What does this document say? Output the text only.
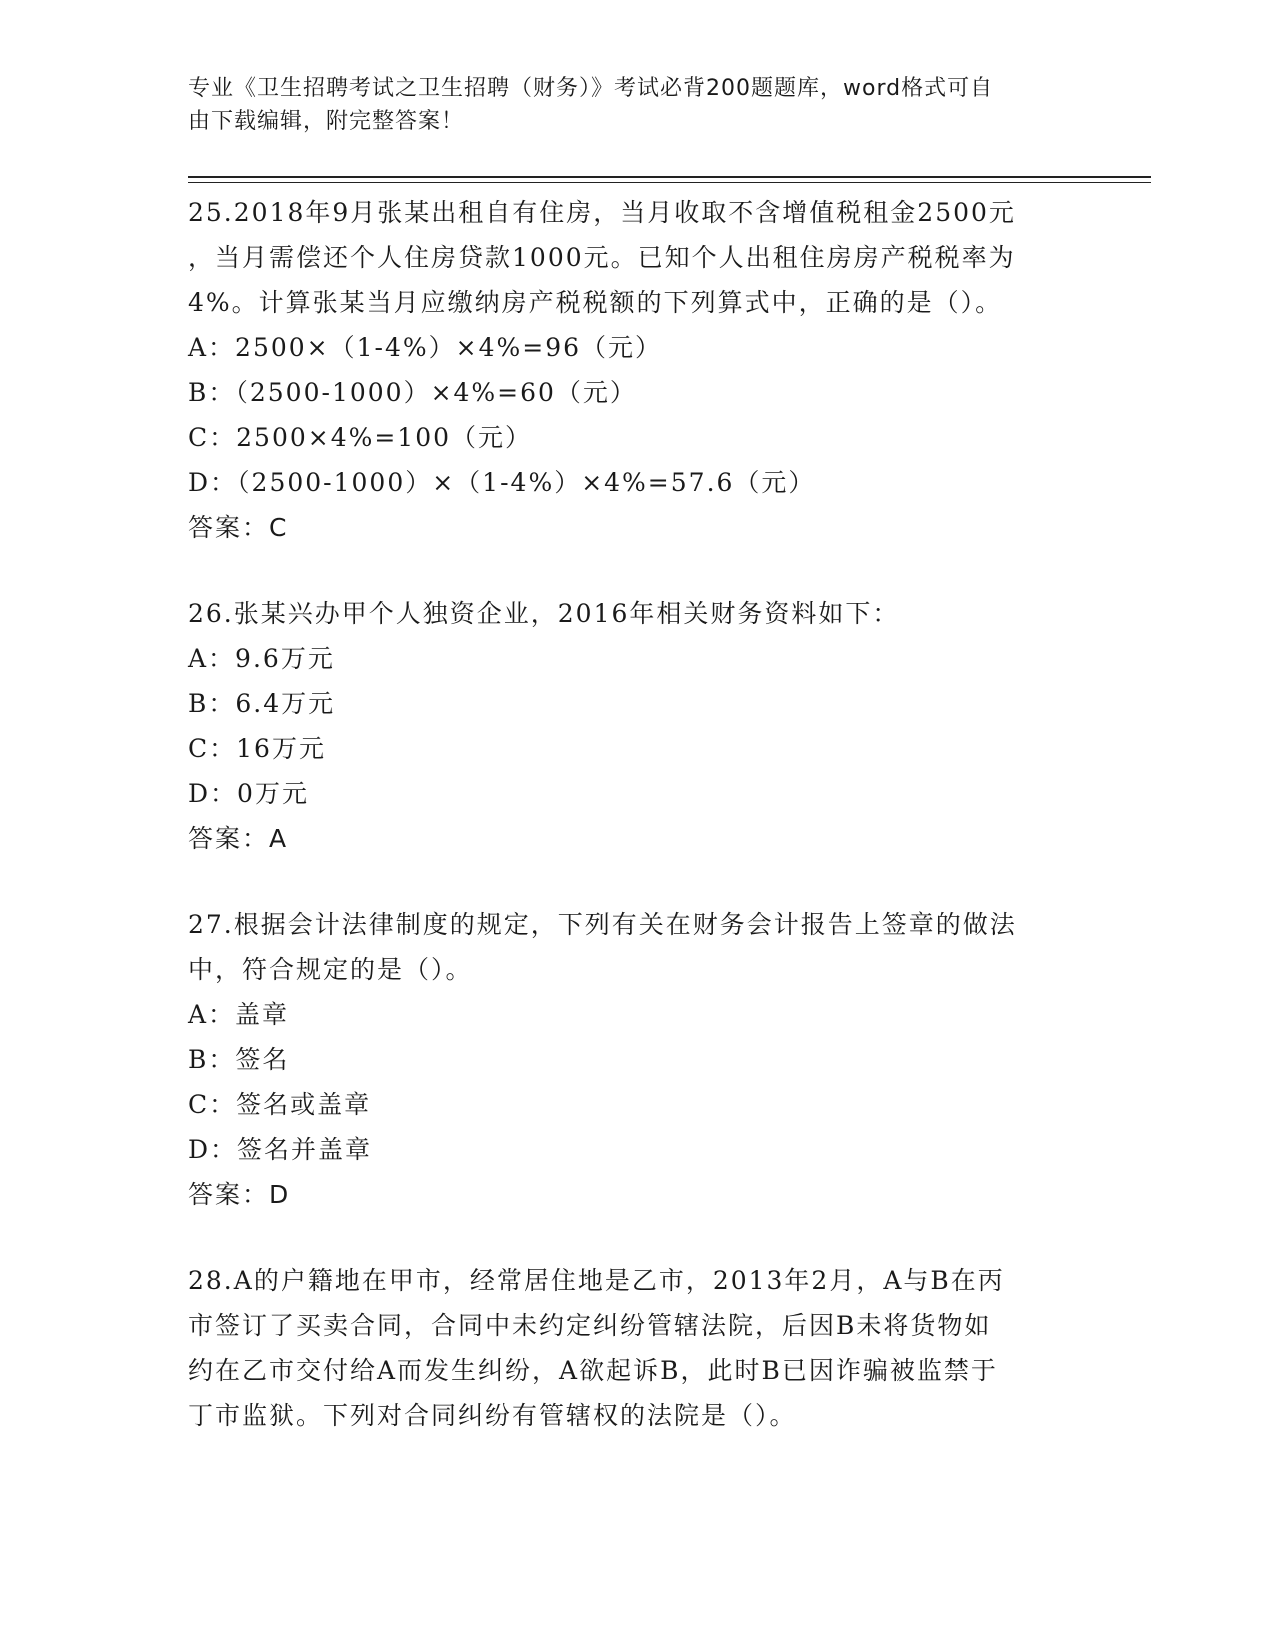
专业《卫生招聘考试之卫生招聘（财务）》考试必背200题题库，word格式可自
由下载编辑，附完整答案！

25.2018年9月张某出租自有住房，当月收取不含增值税租金2500元

，当月需偿还个人住房贷款1000元。已知个人出租住房房产税税率为

4%。计算张某当月应缴纳房产税税额的下列算式中，正确的是（）。

A：2500×（1-4%）×4%=96（元）

B：（2500-1000）×4%=60（元）

C：2500×4%=100（元）

D：（2500-1000）×（1-4%）×4%=57.6（元）

答案：C

26.张某兴办甲个人独资企业，2016年相关财务资料如下：

A：9.6万元

B：6.4万元

C：16万元

D：0万元

答案：A

27.根据会计法律制度的规定，下列有关在财务会计报告上签章的做法

中，符合规定的是（）。

A：盖章

B：签名

C：签名或盖章

D：签名并盖章

答案：D

28.A的户籍地在甲市，经常居住地是乙市，2013年2月，A与B在丙

市签订了买卖合同，合同中未约定纠纷管辖法院，后因B未将货物如

约在乙市交付给A而发生纠纷，A欲起诉B，此时B已因诈骗被监禁于

丁市监狱。下列对合同纠纷有管辖权的法院是（）。
